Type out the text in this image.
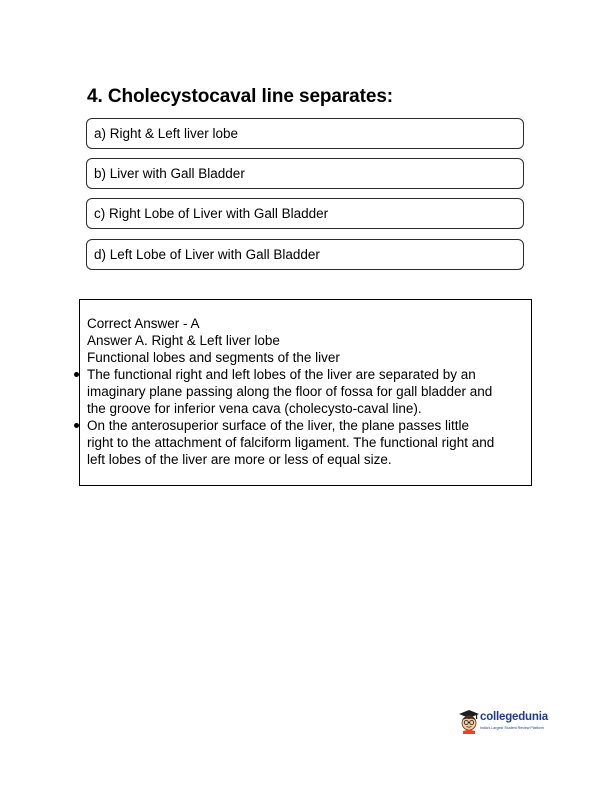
4. Cholecystocaval line separates:
a) Right & Left liver lobe
b) Liver with Gall Bladder
c) Right Lobe of Liver with Gall Bladder
d) Left Lobe of Liver with Gall Bladder
Correct Answer - A
Answer A. Right & Left liver lobe
Functional lobes and segments of the liver
The functional right and left lobes of the liver are separated by an
imaginary plane passing along the floor of fossa for gall bladder and
the groove for inferior vena cava (cholecysto-caval line).
On the anterosuperior surface of the liver, the plane passes little
right to the attachment of falciform ligament. The functional right and
left lobes of the liver are more or less of equal size.
collegedunia
India's Largest Student Review Platform
